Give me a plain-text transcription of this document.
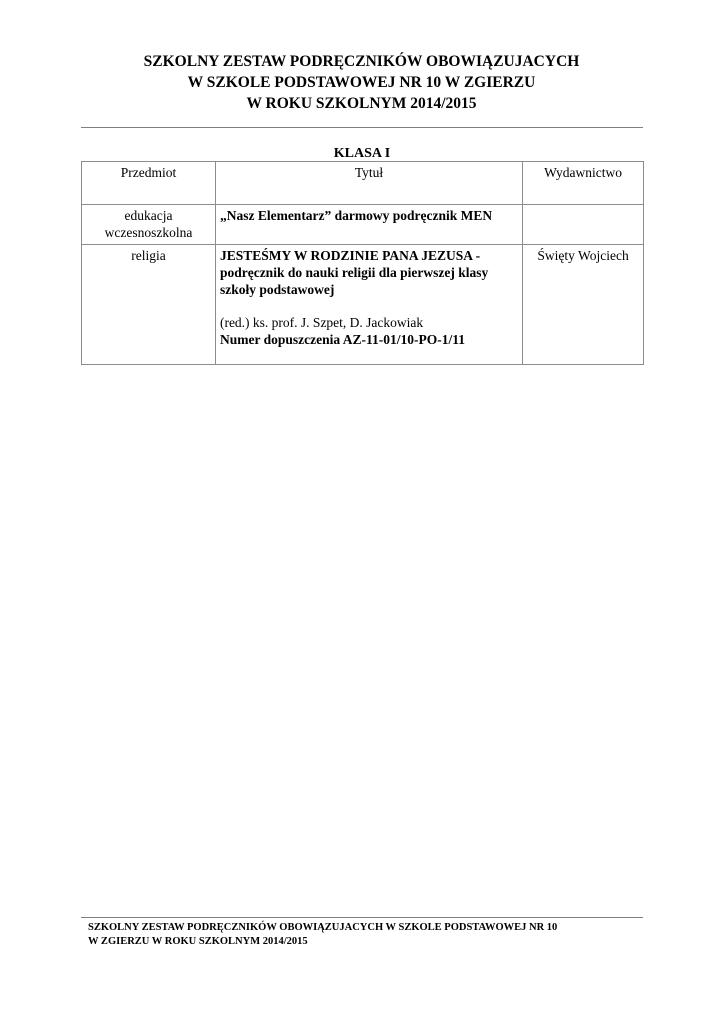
SZKOLNY ZESTAW PODRĘCZNIKÓW OBOWIĄZUJACYCH
W SZKOLE PODSTAWOWEJ NR 10 W ZGIERZU
W ROKU SZKOLNYM 2014/2015
KLASA I
Przedmiot	Tytuł	Wydawnictwo

edukacja
wczesnoszkolna	„Nasz Elementarz” darmowy podręcznik MEN	

religia	JESTEŚMY W RODZINIE PANA JEZUSA -
podręcznik do nauki religii dla pierwszej klasy
szkoły podstawowej
(red.) ks. prof. J. Szpet, D. Jackowiak
Numer dopuszczenia AZ-11-01/10-PO-1/11	Święty Wojciech
SZKOLNY ZESTAW PODRĘCZNIKÓW OBOWIĄZUJACYCH W SZKOLE PODSTAWOWEJ NR 10
W ZGIERZU W ROKU SZKOLNYM 2014/2015
